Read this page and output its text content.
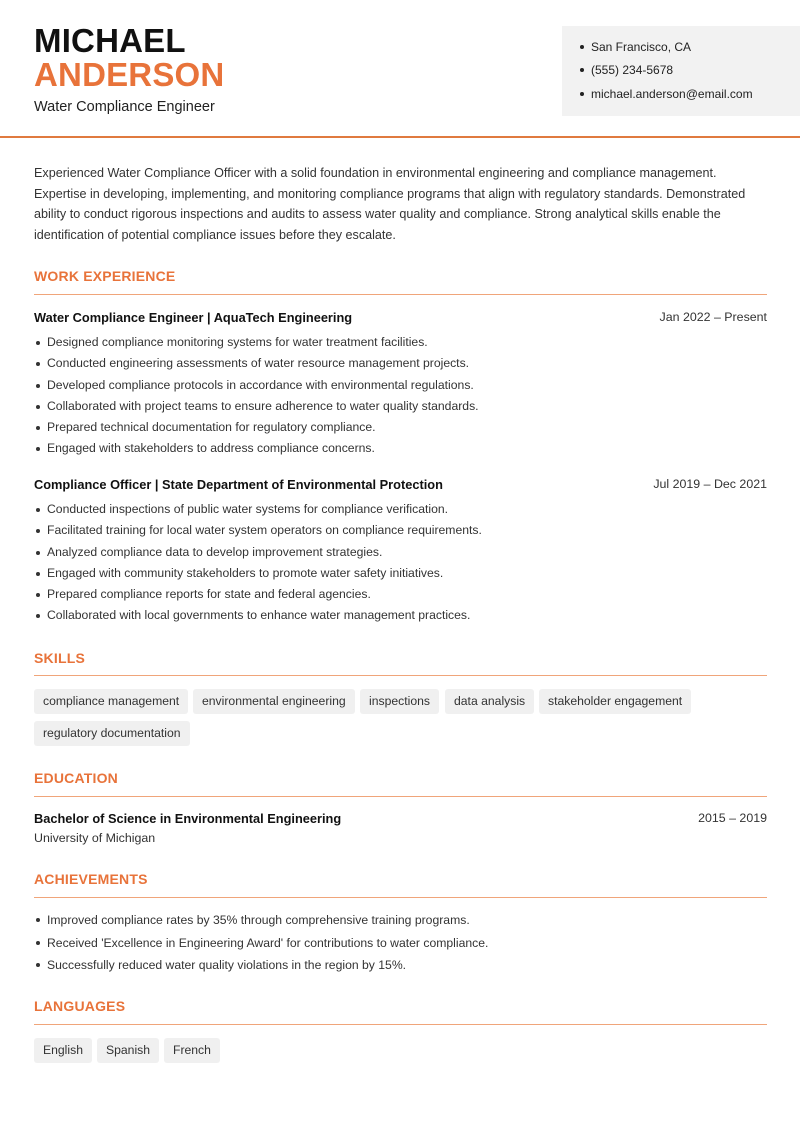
MICHAEL
ANDERSON
Water Compliance Engineer
San Francisco, CA
(555) 234-5678
michael.anderson@email.com
Experienced Water Compliance Officer with a solid foundation in environmental engineering and compliance management. Expertise in developing, implementing, and monitoring compliance programs that align with regulatory standards. Demonstrated ability to conduct rigorous inspections and audits to assess water quality and compliance. Strong analytical skills enable the identification of potential compliance issues before they escalate.
WORK EXPERIENCE
Water Compliance Engineer | AquaTech Engineering	Jan 2022 – Present
Designed compliance monitoring systems for water treatment facilities.
Conducted engineering assessments of water resource management projects.
Developed compliance protocols in accordance with environmental regulations.
Collaborated with project teams to ensure adherence to water quality standards.
Prepared technical documentation for regulatory compliance.
Engaged with stakeholders to address compliance concerns.
Compliance Officer | State Department of Environmental Protection	Jul 2019 – Dec 2021
Conducted inspections of public water systems for compliance verification.
Facilitated training for local water system operators on compliance requirements.
Analyzed compliance data to develop improvement strategies.
Engaged with community stakeholders to promote water safety initiatives.
Prepared compliance reports for state and federal agencies.
Collaborated with local governments to enhance water management practices.
SKILLS
compliance management	environmental engineering	inspections	data analysis	stakeholder engagement
regulatory documentation
EDUCATION
Bachelor of Science in Environmental Engineering	2015 – 2019
University of Michigan
ACHIEVEMENTS
Improved compliance rates by 35% through comprehensive training programs.
Received 'Excellence in Engineering Award' for contributions to water compliance.
Successfully reduced water quality violations in the region by 15%.
LANGUAGES
English	Spanish	French
